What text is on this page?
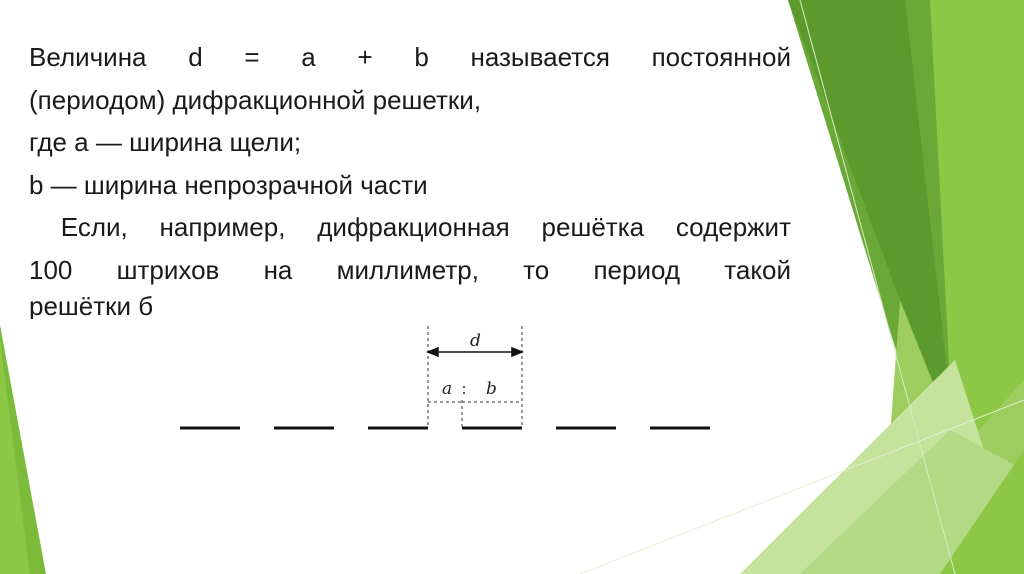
Величина d = a + b называется постоянной

(периодом) дифракционной решетки,

где a — ширина щели;

b — ширина непрозрачной части

Если, например, дифракционная решётка содержит

100 штрихов на миллиметр, то период такой

решётки б

d
a b
